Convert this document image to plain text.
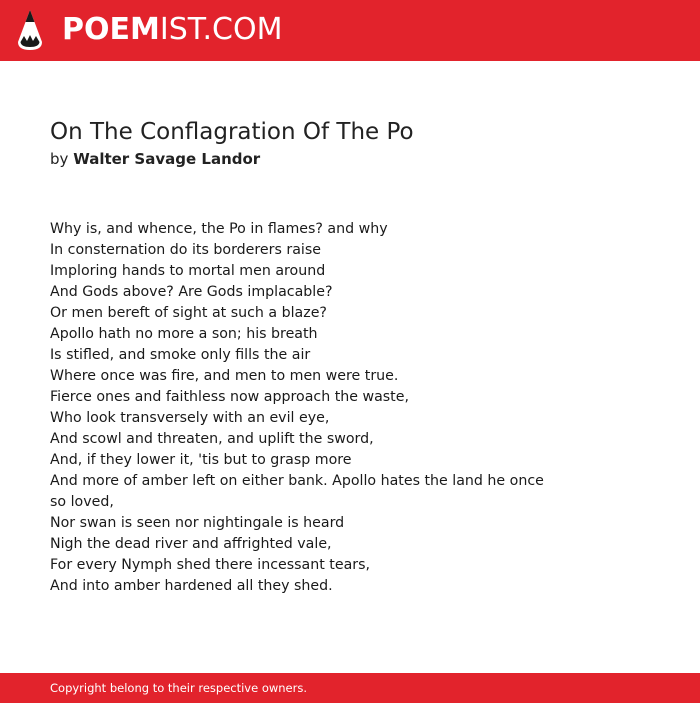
POEMIST.COM
On The Conflagration Of The Po
by Walter Savage Landor
Why is, and whence, the Po in flames? and why
In consternation do its borderers raise
Imploring hands to mortal men around
And Gods above? Are Gods implacable?
Or men bereft of sight at such a blaze?
Apollo hath no more a son; his breath
Is stifled, and smoke only fills the air
Where once was fire, and men to men were true.
Fierce ones and faithless now approach the waste,
Who look transversely with an evil eye,
And scowl and threaten, and uplift the sword,
And, if they lower it, 'tis but to grasp more
And more of amber left on either bank. Apollo hates the land he once so loved,
Nor swan is seen nor nightingale is heard
Nigh the dead river and affrighted vale,
For every Nymph shed there incessant tears,
And into amber hardened all they shed.
Copyright belong to their respective owners.
